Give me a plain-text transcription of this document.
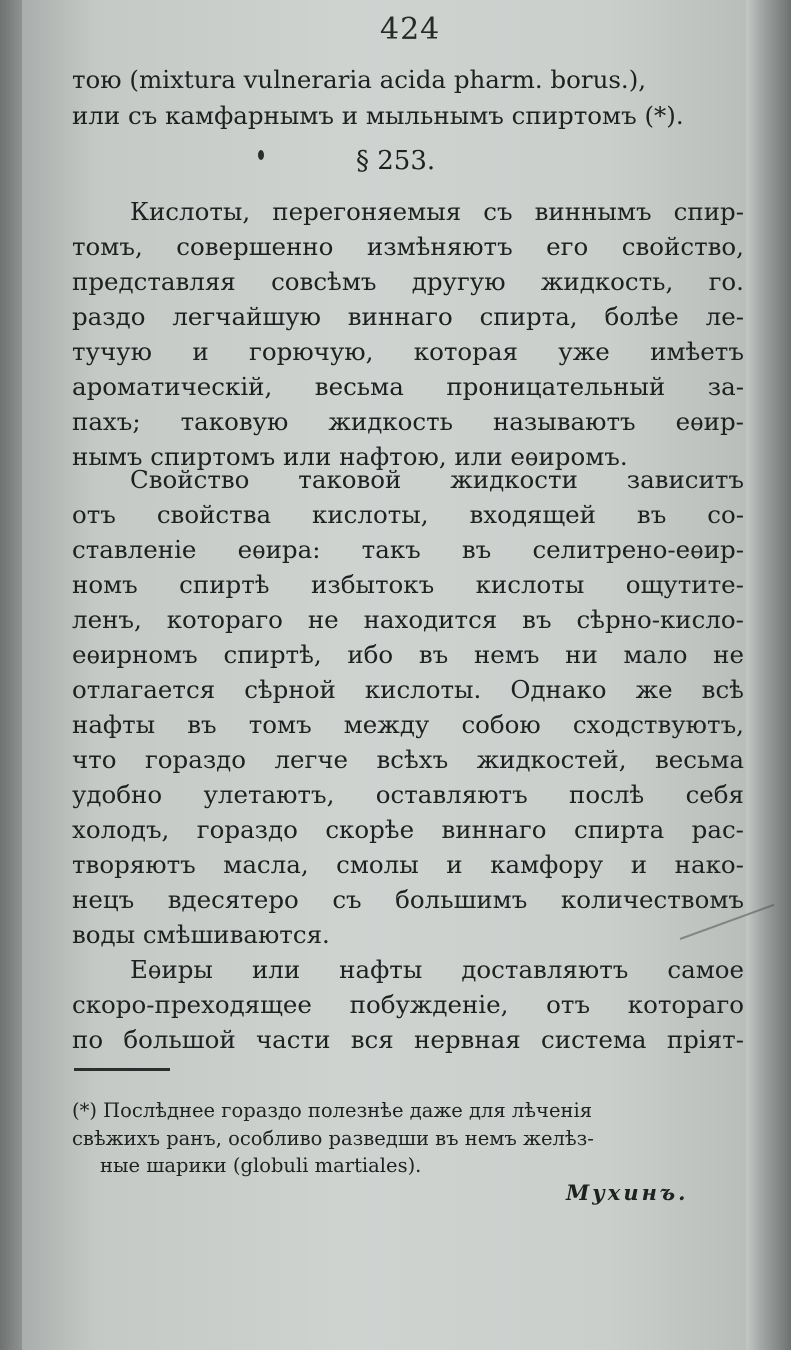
424
тою (mixtura vulneraria acida pharm. borus.),
или съ камфарнымъ и мыльнымъ спиртомъ (*).
§ 253.
Кислоты, перегоняемыя съ виннымъ спир-
томъ, совершенно измѣняютъ его свойство,
представляя совсѣмъ другую жидкость, го.
раздо легчайшую виннаго спирта, болѣе ле-
тучую и горючую, которая уже имѣетъ
ароматическій, весьма проницательный за-
пахъ; таковую жидкость называютъ еѳир-
нымъ спиртомъ или нафтою, или еѳиромъ.
Свойство таковой жидкости зависитъ
отъ свойства кислоты, входящей въ со-
ставленіе еѳира: такъ въ селитрено-еѳир-
номъ спиртѣ избытокъ кислоты ощутите-
ленъ, котораго не находится въ сѣрно-кисло-
еѳирномъ спиртѣ, ибо въ немъ ни мало не
отлагается сѣрной кислоты. Однако же всѣ
нафты въ томъ между собою сходствуютъ,
что гораздо легче всѣхъ жидкостей, весьма
удобно улетаютъ, оставляютъ послѣ себя
холодъ, гораздо скорѣе виннаго спирта рас-
творяютъ масла, смолы и камфору и нако-
нецъ вдесятеро съ большимъ количествомъ
воды смѣшиваются.
Еѳиры или нафты доставляютъ самое
скоро-преходящее побужденіе, отъ котораго
по большой части вся нервная система пріят-
(*) Послѣднее гораздо полезнѣе даже для лѣченія
свѣжихъ ранъ, особливо разведши въ немъ желѣз-
ные шарики (globuli martiales).
Мухинъ.
